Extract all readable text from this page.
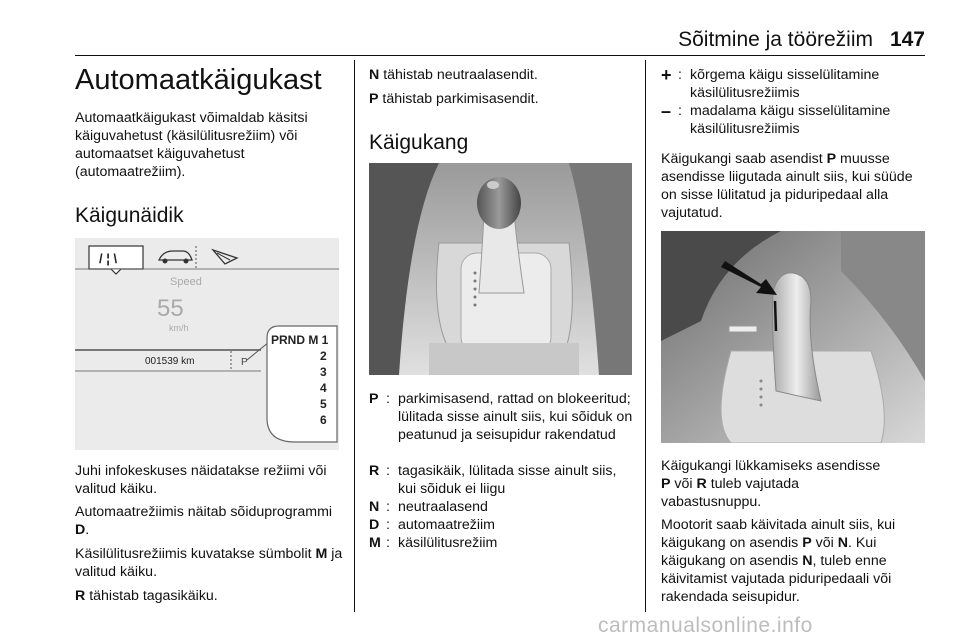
Sõitmine ja töörežiim 147
Automaatkäigukast
Automaatkäigukast võimaldab käsitsi käiguvahetust (käsilülitusrežiim) või automaatset käiguvahetust (automaatrežiim).
Käigunäidik
/ ¦ \
Speed
55
km/h
001539 km	P
PRND M 1
2
3
4
5
6
Juhi infokeskuses näidatakse režiimi või valitud käiku.
Automaatrežiimis näitab sõiduprogrammi D.
Käsilülitusrežiimis kuvatakse sümbolit M ja valitud käiku.
R tähistab tagasikäiku.
N tähistab neutraalasendit.
P tähistab parkimisasendit.
Käigukang
P : parkimisasend, rattad on blokeeritud; lülitada sisse ainult siis, kui sõiduk on peatunud ja seisupidur rakendatud
R : tagasikäik, lülitada sisse ainult siis, kui sõiduk ei liigu
N : neutraalasend
D : automaatrežiim
M : käsilülitusrežiim
+ : kõrgema käigu sisselülitamine käsilülitusrežiimis
– : madalama käigu sisselülitamine käsilülitusrežiimis
Käigukangi saab asendist P muusse asendisse liigutada ainult siis, kui süüde on sisse lülitatud ja piduripedaal alla vajutatud.
Käigukangi lükkamiseks asendisse
P või R tuleb vajutada
vabastusnuppu.
Mootorit saab käivitada ainult siis, kui käigukang on asendis P või N. Kui käigukang on asendis N, tuleb enne käivitamist vajutada piduripedaali või rakendada seisupidur.
carmanualsonline.info
